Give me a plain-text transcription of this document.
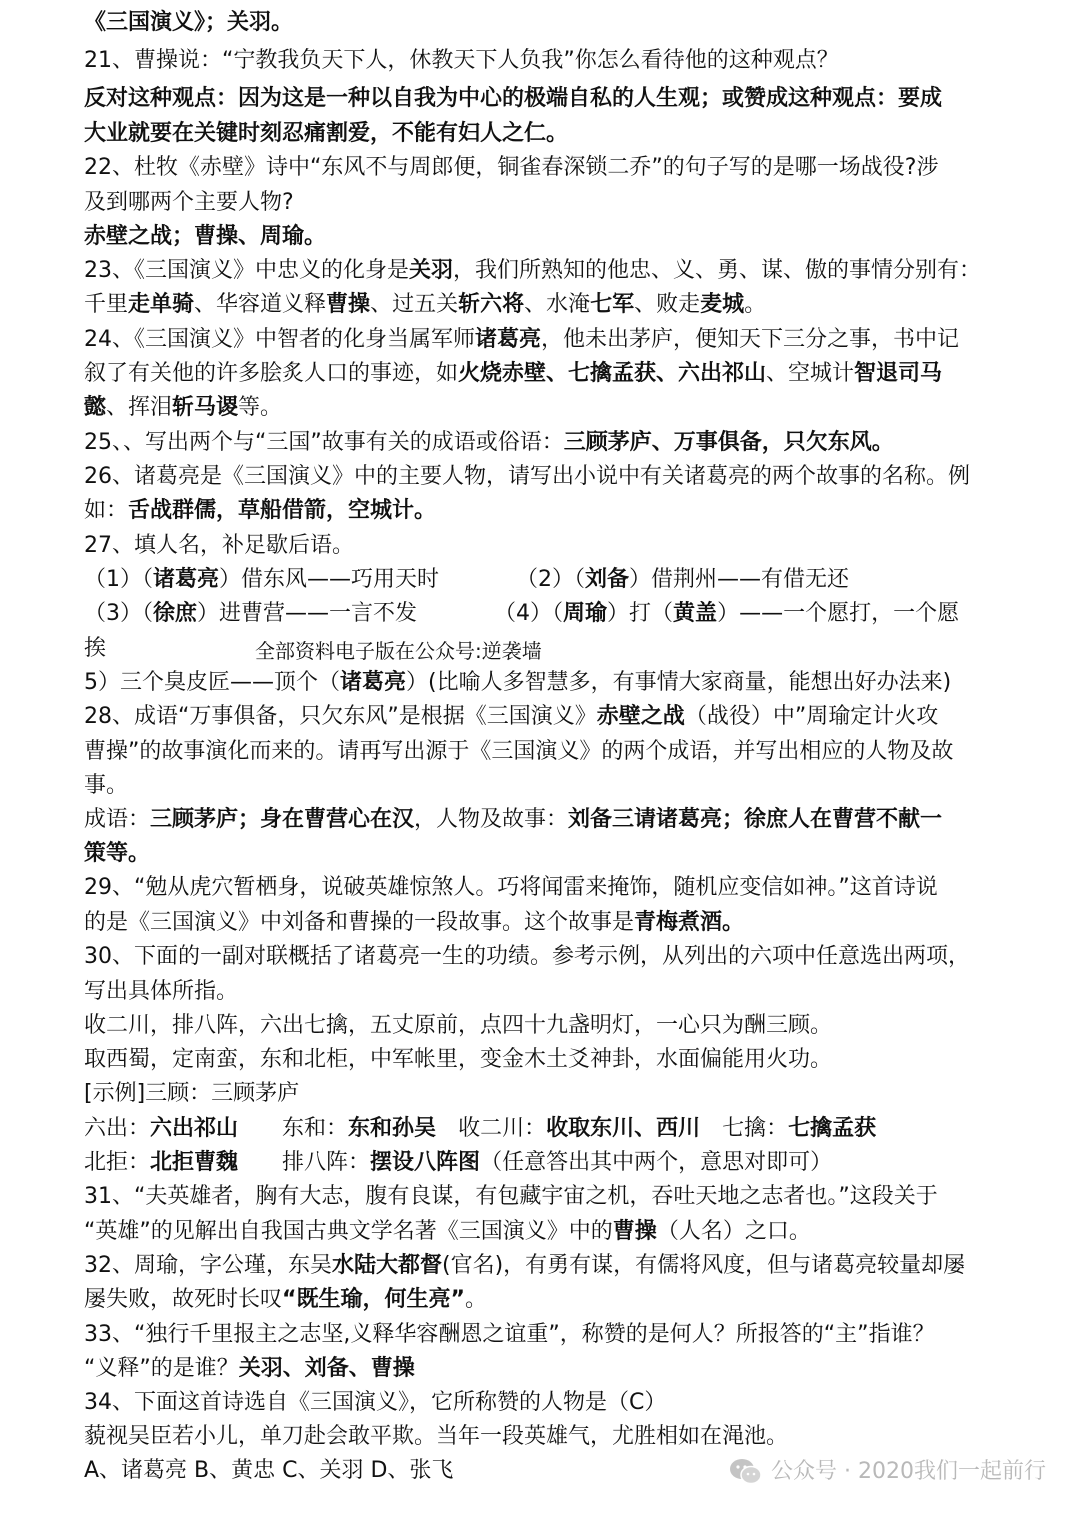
《三国演义》；关羽。
21、曹操说：“宁教我负天下人，休教天下人负我”你怎么看待他的这种观点？
反对这种观点：因为这是一种以自我为中心的极端自私的人生观；或赞成这种观点：要成
大业就要在关键时刻忍痛割爱，不能有妇人之仁。
22、杜牧《赤壁》诗中“东风不与周郎便，铜雀春深锁二乔”的句子写的是哪一场战役?涉
及到哪两个主要人物?
赤壁之战；曹操、周瑜。
23、《三国演义》中忠义的化身是关羽，我们所熟知的他忠、义、勇、谋、傲的事情分别有：
千里走单骑、华容道义释曹操、过五关斩六将、水淹七军、败走麦城。
24、《三国演义》中智者的化身当属军师诸葛亮，他未出茅庐，便知天下三分之事，书中记
叙了有关他的许多脍炙人口的事迹，如火烧赤壁、七擒孟获、六出祁山、空城计智退司马
懿、挥泪斩马谡等。
25、、写出两个与“三国”故事有关的成语或俗语：三顾茅庐、万事俱备，只欠东风。
26、诸葛亮是《三国演义》中的主要人物，请写出小说中有关诸葛亮的两个故事的名称。例
如：舌战群儒，草船借箭，空城计。
27、填人名，补足歇后语。
（1）（诸葛亮）借东风——巧用天时　　　　（2）（刘备）借荆州——有借无还
（3）（徐庶）进曹营——一言不发　　　　（4）（周瑜）打（黄盖）——一个愿打，一个愿
挨
5）三个臭皮匠——顶个（诸葛亮）(比喻人多智慧多，有事情大家商量，能想出好办法来)
28、成语“万事俱备，只欠东风”是根据《三国演义》赤壁之战（战役）中”周瑜定计火攻
曹操”的故事演化而来的。请再写出源于《三国演义》的两个成语，并写出相应的人物及故
事。
成语：三顾茅庐；身在曹营心在汉，人物及故事：刘备三请诸葛亮；徐庶人在曹营不献一
策等。
29、“勉从虎穴暂栖身，说破英雄惊煞人。巧将闻雷来掩饰，随机应变信如神。”这首诗说
的是《三国演义》中刘备和曹操的一段故事。这个故事是青梅煮酒。
30、下面的一副对联概括了诸葛亮一生的功绩。参考示例，从列出的六项中任意选出两项，
写出具体所指。
收二川，排八阵，六出七擒，五丈原前，点四十九盏明灯，一心只为酬三顾。
取西蜀，定南蛮，东和北柜，中军帐里，变金木土爻神卦，水面偏能用火功。
[示例]三顾：三顾茅庐
六出：六出祁山　　东和：东和孙吴　收二川：收取东川、西川　七擒：七擒孟获
北拒：北拒曹魏　　排八阵：摆设八阵图（任意答出其中两个，意思对即可）
31、“夫英雄者，胸有大志，腹有良谋，有包藏宇宙之机，吞吐天地之志者也。”这段关于
“英雄”的见解出自我国古典文学名著《三国演义》中的曹操（人名）之口。
32、周瑜，字公瑾，东吴水陆大都督(官名)，有勇有谋，有儒将风度，但与诸葛亮较量却屡
屡失败，故死时长叹“既生瑜，何生亮”。
33、“独行千里报主之志坚,义释华容酬恩之谊重”，称赞的是何人？所报答的“主”指谁？
“义释”的是谁？关羽、刘备、曹操
34、下面这首诗选自《三国演义》，它所称赞的人物是（C）
藐视吴臣若小儿，单刀赴会敢平欺。当年一段英雄气，尤胜相如在渑池。
A、诸葛亮 B、黄忠 C、关羽 D、张飞
全部资料电子版在公众号:逆袭墙
公众号 · 2020我们一起前行
